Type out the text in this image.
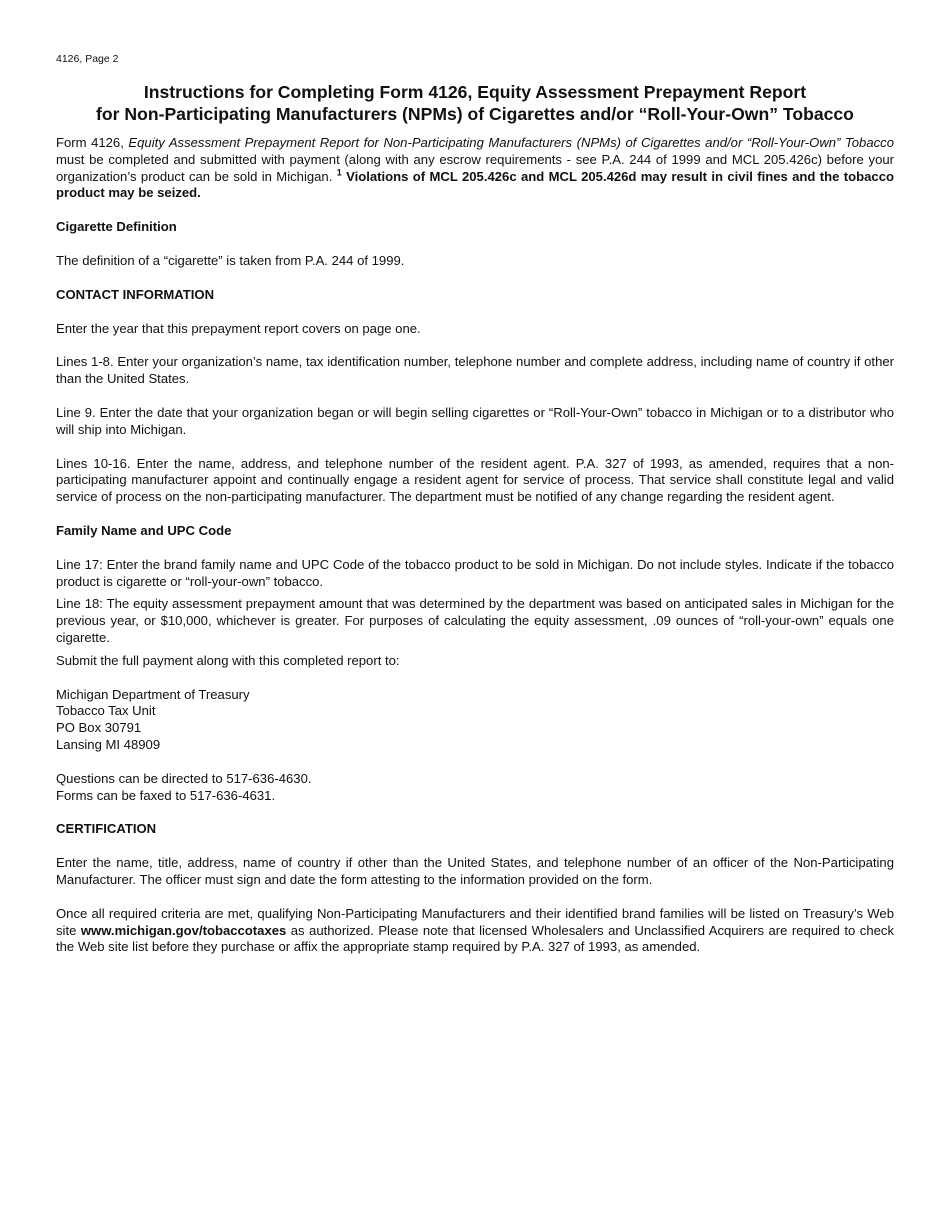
4126, Page 2
Instructions for Completing Form 4126, Equity Assessment Prepayment Report
for Non-Participating Manufacturers (NPMs) of Cigarettes and/or “Roll-Your-Own” Tobacco

Form 4126, Equity Assessment Prepayment Report for Non-Participating Manufacturers (NPMs) of Cigarettes and/or “Roll-Your-Own” Tobacco must be completed and submitted with payment (along with any escrow requirements - see P.A. 244 of 1999 and MCL 205.426c) before your organization’s product can be sold in Michigan. $^1$ Violations of MCL 205.426c and MCL 205.426d may result in civil fines and the tobacco product may be seized.

Cigarette Definition

The definition of a “cigarette” is taken from P.A. 244 of 1999.

CONTACT INFORMATION

Enter the year that this prepayment report covers on page one.

Lines 1-8. Enter your organization’s name, tax identification number, telephone number and complete address, including name of country if other than the United States.

Line 9. Enter the date that your organization began or will begin selling cigarettes or “Roll-Your-Own” tobacco in Michigan or to a distributor who will ship into Michigan.

Lines 10-16. Enter the name, address, and telephone number of the resident agent. P.A. 327 of 1993, as amended, requires that a non-participating manufacturer appoint and continually engage a resident agent for service of process. That service shall constitute legal and valid service of process on the non-participating manufacturer. The department must be notified of any change regarding the resident agent.

Family Name and UPC Code

Line 17: Enter the brand family name and UPC Code of the tobacco product to be sold in Michigan. Do not include styles. Indicate if the tobacco product is cigarette or “roll-your-own” tobacco.

Line 18: The equity assessment prepayment amount that was determined by the department was based on anticipated sales in Michigan for the previous year, or $10,000, whichever is greater. For purposes of calculating the equity assessment, .09 ounces of “roll-your-own” equals one cigarette.

Submit the full payment along with this completed report to:

Michigan Department of Treasury
Tobacco Tax Unit
PO Box 30791
Lansing MI 48909

Questions can be directed to 517-636-4630.
Forms can be faxed to 517-636-4631.

CERTIFICATION

Enter the name, title, address, name of country if other than the United States, and telephone number of an officer of the Non-Participating Manufacturer. The officer must sign and date the form attesting to the information provided on the form.

Once all required criteria are met, qualifying Non-Participating Manufacturers and their identified brand families will be listed on Treasury’s Web site www.michigan.gov/tobaccotaxes as authorized. Please note that licensed Wholesalers and Unclassified Acquirers are required to check the Web site list before they purchase or affix the appropriate stamp required by P.A. 327 of 1993, as amended.
